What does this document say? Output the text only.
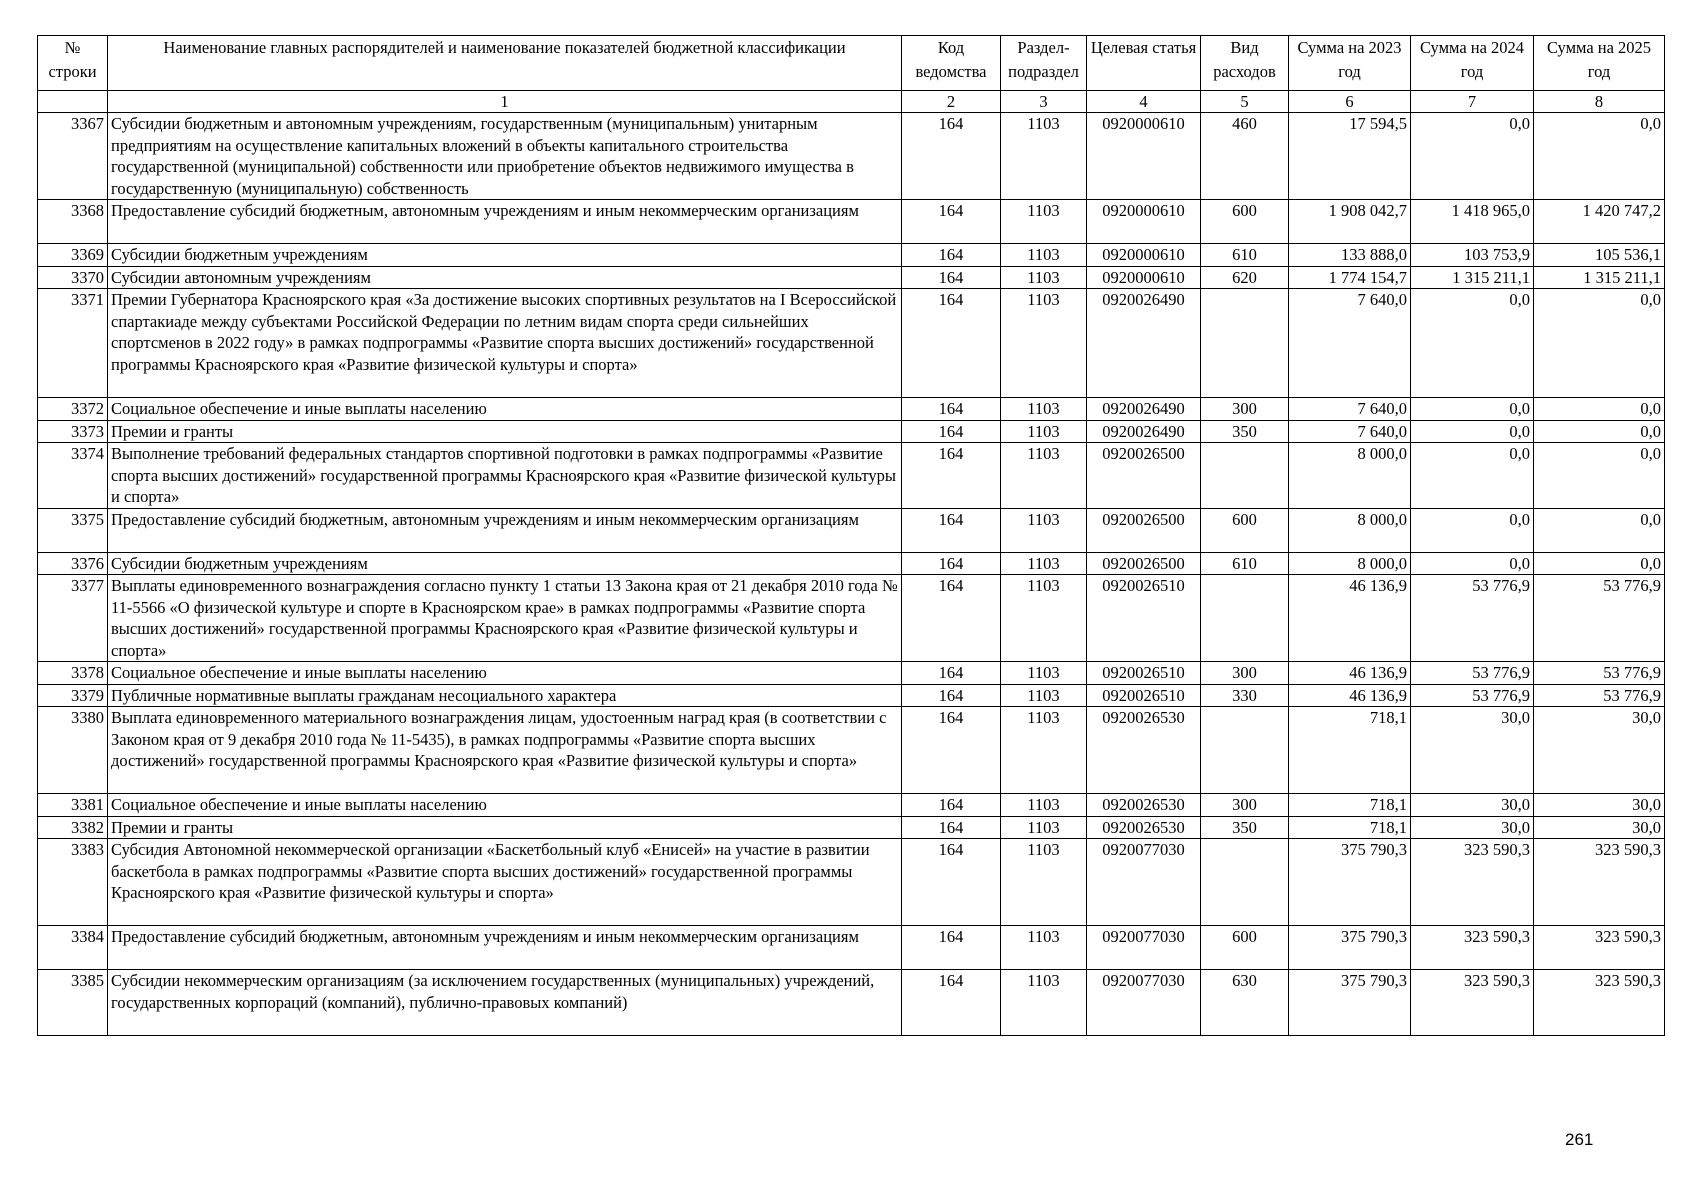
№ строки	Наименование главных распорядителей и наименование показателей бюджетной классификации	Код ведомства	Раздел-подраздел	Целевая статья	Вид расходов	Сумма на 2023 год	Сумма на 2024 год	Сумма на 2025 год
	1	2	3	4	5	6	7	8
3367	Субсидии бюджетным и автономным учреждениям, государственным (муниципальным) унитарным предприятиям на осуществление капитальных вложений в объекты капитального строительства государственной (муниципальной) собственности или приобретение объектов недвижимого имущества в государственную (муниципальную) собственность	164	1103	0920000610	460	17 594,5	0,0	0,0
3368	Предоставление субсидий бюджетным, автономным учреждениям и иным некоммерческим организациям	164	1103	0920000610	600	1 908 042,7	1 418 965,0	1 420 747,2
3369	Субсидии бюджетным учреждениям	164	1103	0920000610	610	133 888,0	103 753,9	105 536,1
3370	Субсидии автономным учреждениям	164	1103	0920000610	620	1 774 154,7	1 315 211,1	1 315 211,1
3371	Премии Губернатора Красноярского края «За достижение высоких спортивных результатов на I Всероссийской спартакиаде между субъектами Российской Федерации по летним видам спорта среди сильнейших спортсменов в 2022 году» в рамках подпрограммы «Развитие спорта высших достижений» государственной программы Красноярского края «Развитие физической культуры и спорта»	164	1103	0920026490		7 640,0	0,0	0,0
3372	Социальное обеспечение и иные выплаты населению	164	1103	0920026490	300	7 640,0	0,0	0,0
3373	Премии и гранты	164	1103	0920026490	350	7 640,0	0,0	0,0
3374	Выполнение требований федеральных стандартов спортивной подготовки в рамках подпрограммы «Развитие спорта высших достижений» государственной программы Красноярского края «Развитие физической культуры и спорта»	164	1103	0920026500		8 000,0	0,0	0,0
3375	Предоставление субсидий бюджетным, автономным учреждениям и иным некоммерческим организациям	164	1103	0920026500	600	8 000,0	0,0	0,0
3376	Субсидии бюджетным учреждениям	164	1103	0920026500	610	8 000,0	0,0	0,0
3377	Выплаты единовременного вознаграждения согласно пункту 1 статьи 13 Закона края от 21 декабря 2010 года № 11-5566 «О физической культуре и спорте в Красноярском крае» в рамках подпрограммы «Развитие спорта высших достижений» государственной программы Красноярского края «Развитие физической культуры и спорта»	164	1103	0920026510		46 136,9	53 776,9	53 776,9
3378	Социальное обеспечение и иные выплаты населению	164	1103	0920026510	300	46 136,9	53 776,9	53 776,9
3379	Публичные нормативные выплаты гражданам несоциального характера	164	1103	0920026510	330	46 136,9	53 776,9	53 776,9
3380	Выплата единовременного материального вознаграждения лицам, удостоенным наград края (в соответствии с Законом края от 9 декабря 2010 года № 11-5435), в рамках подпрограммы «Развитие спорта высших достижений» государственной программы Красноярского края «Развитие физической культуры и спорта»	164	1103	0920026530		718,1	30,0	30,0
3381	Социальное обеспечение и иные выплаты населению	164	1103	0920026530	300	718,1	30,0	30,0
3382	Премии и гранты	164	1103	0920026530	350	718,1	30,0	30,0
3383	Субсидия Автономной некоммерческой организации «Баскетбольный клуб «Енисей» на участие в развитии баскетбола в рамках подпрограммы «Развитие спорта высших достижений» государственной программы Красноярского края «Развитие физической культуры и спорта»	164	1103	0920077030		375 790,3	323 590,3	323 590,3
3384	Предоставление субсидий бюджетным, автономным учреждениям и иным некоммерческим организациям	164	1103	0920077030	600	375 790,3	323 590,3	323 590,3
3385	Субсидии некоммерческим организациям (за исключением государственных (муниципальных) учреждений, государственных корпораций (компаний), публично-правовых компаний)	164	1103	0920077030	630	375 790,3	323 590,3	323 590,3
261
